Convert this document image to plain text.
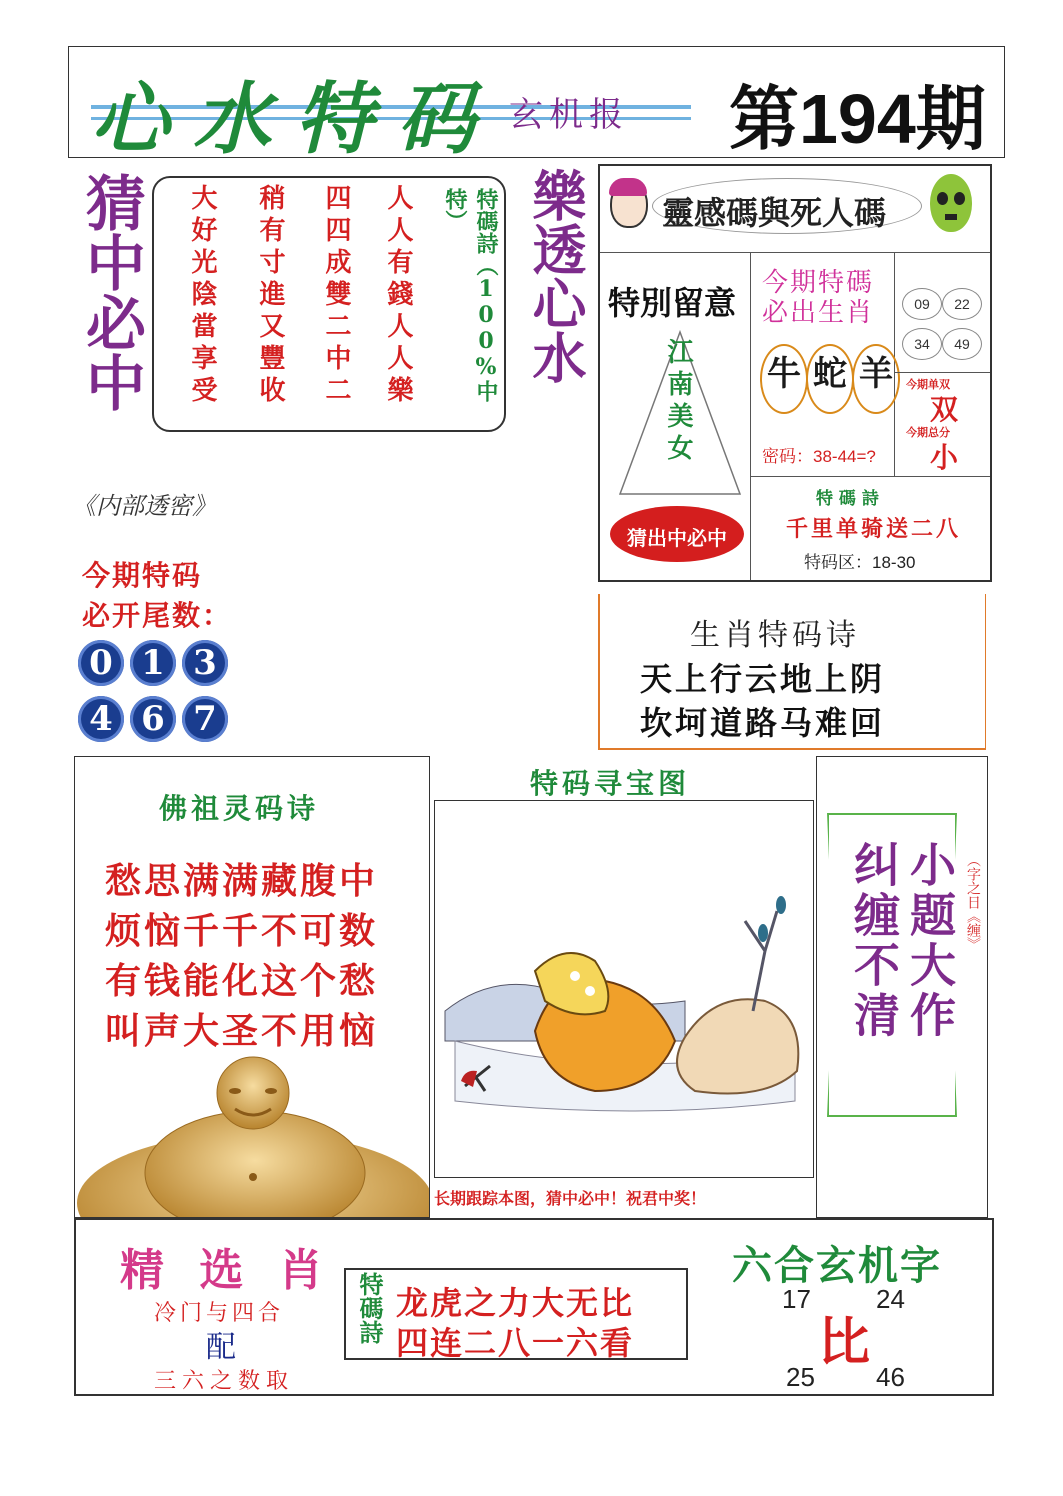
心水特码 玄机报 第194期
猜中必中	人人有錢人人樂
四四成雙二中二
稍有寸進又豐收
大好光陰當享受	特碼詩（100%中特）	樂透心水 靈感碼與死人碼
特別留意
江南美女
猜出中必中
今期特碼
必出生肖
牛 蛇 羊
密码：38-44=?
09	22
34	49
今期单双
双
今期总分
小
特 碼 詩
千里单骑送二八
特码区：18-30
《内部透密》
今期特码
必开尾数：
0 1 3
4 6 7
生肖特码诗
天上行云地上阴
坎坷道路马难回
佛祖灵码诗
愁思满满藏腹中
烦恼千千不可数
有钱能化这个愁
叫声大圣不用恼
特码寻宝图
长期跟踪本图，猜中必中！祝君中奖！
小题大作
纠缠不清	（字之日《缠》
精 选 肖
冷门与四合
配
三六之数取
特碼詩 龙虎之力大无比
四连二八一六看
六合玄机字
17	24
比
25 46
